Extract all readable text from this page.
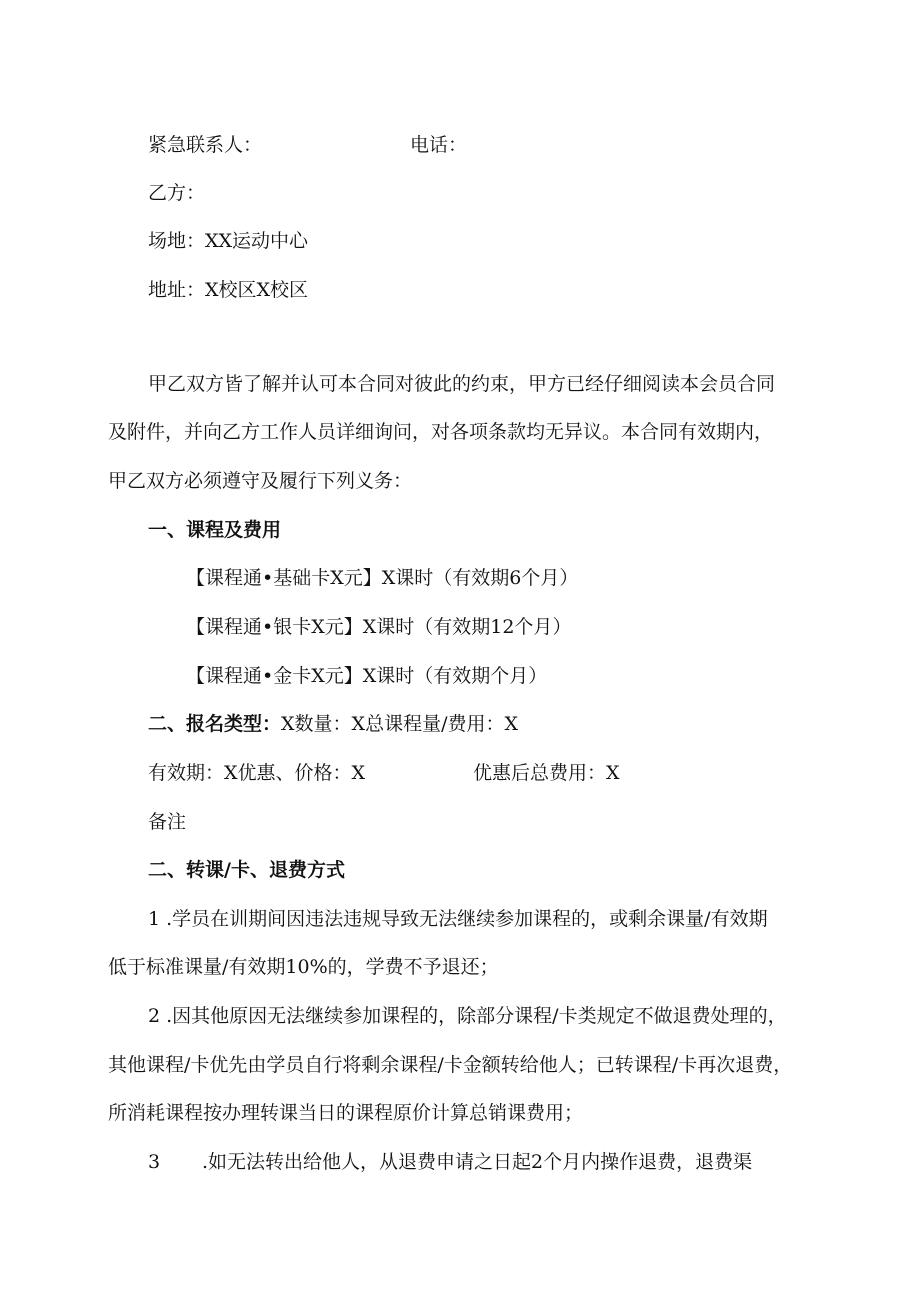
紧急联系人：	电话：
乙方：
场地：XX运动中心
地址：X校区X校区
甲乙双方皆了解并认可本合同对彼此的约束，甲方已经仔细阅读本会员合同
及附件，并向乙方工作人员详细询问，对各项条款均无异议。本合同有效期内，
甲乙双方必须遵守及履行下列义务：
一、课程及费用
【课程通•基础卡X元】X课时（有效期6个月）
【课程通•银卡X元】X课时（有效期12个月）
【课程通•金卡X元】X课时（有效期个月）
二、报名类型：X数量：X总课程量/费用：X
有效期：X优惠、价格：X	优惠后总费用：X
备注
二、转课/卡、退费方式
1 .学员在训期间因违法违规导致无法继续参加课程的，或剩余课量/有效期
低于标准课量/有效期10%的，学费不予退还；
2 .因其他原因无法继续参加课程的，除部分课程/卡类规定不做退费处理的，
其他课程/卡优先由学员自行将剩余课程/卡金额转给他人；已转课程/卡再次退费，
所消耗课程按办理转课当日的课程原价计算总销课费用；
3 .如无法转出给他人，从退费申请之日起2个月内操作退费，退费渠
